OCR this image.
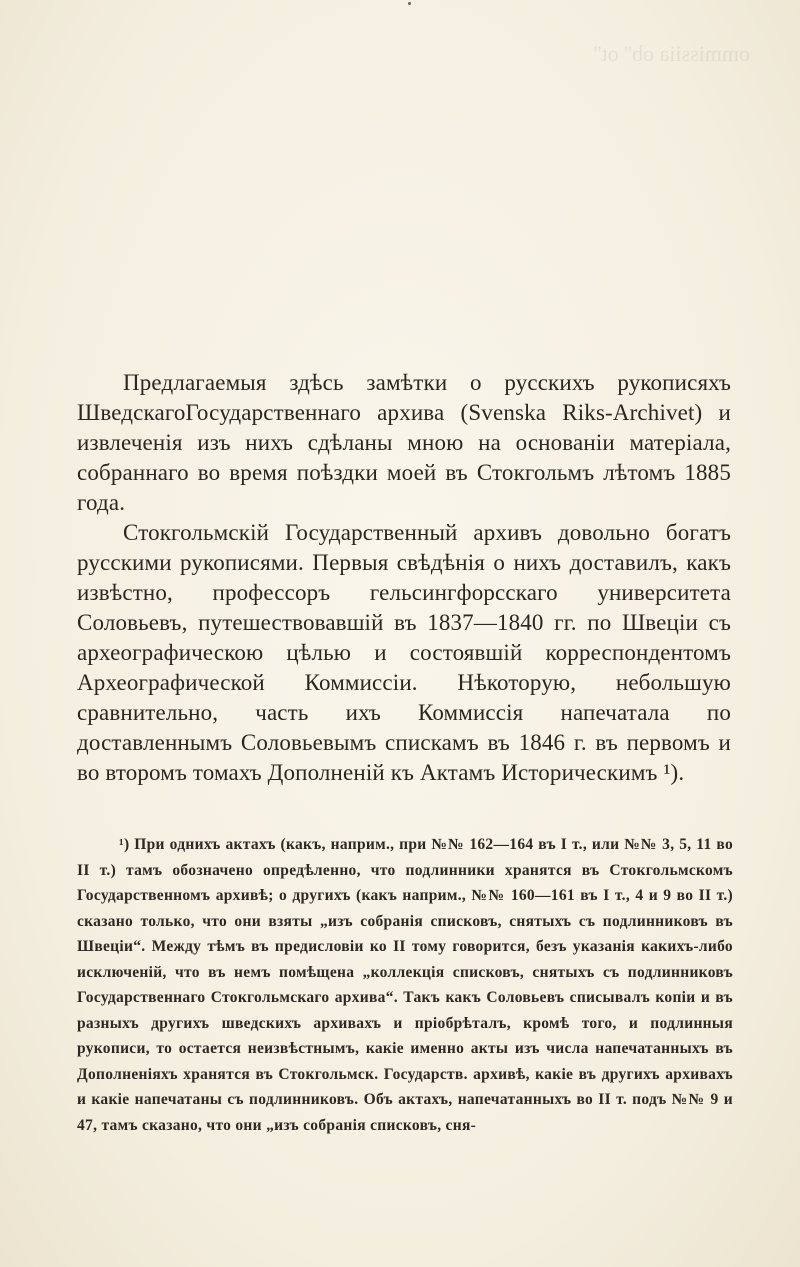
ommissiia ob'' ot''

Предлагаемыя здѣсь замѣтки о русскихъ рукописяхъ ШведскагоГосударственнаго архива (Svenska Riks-Archivet) и извлеченія изъ нихъ сдѣланы мною на основаніи матеріала, собраннаго во время поѣздки моей въ Стокгольмъ лѣтомъ 1885 года.

Стокгольмскій Государственный архивъ довольно богатъ русскими рукописями. Первыя свѣдѣнія о нихъ доставилъ, какъ извѣстно, профессоръ гельсингфорсскаго университета Соловьевъ, путешествовавшій въ 1837—1840 гг. по Швеціи съ археографическою цѣлью и состоявшій корреспондентомъ Археографической Коммиссіи. Нѣкоторую, небольшую сравнительно, часть ихъ Коммиссія напечатала по доставленнымъ Соловьевымъ спискамъ въ 1846 г. въ первомъ и во второмъ томахъ Дополненій къ Актамъ Историческимъ ¹).

¹) При однихъ актахъ (какъ, наприм., при №№ 162—164 въ I т., или №№ 3, 5, 11 во II т.) тамъ обозначено опредѣленно, что подлинники хранятся въ Стокгольмскомъ Государственномъ архивѣ; о другихъ (какъ наприм., №№ 160—161 въ I т., 4 и 9 во II т.) сказано только, что они взяты „изъ собранія списковъ, снятыхъ съ подлинниковъ въ Швеціи“. Между тѣмъ въ предисловіи ко II тому говорится, безъ указанія какихъ-либо исключеній, что въ немъ помѣщена „коллекція списковъ, снятыхъ съ подлинниковъ Государственнаго Стокгольмскаго архива“. Такъ какъ Соловьевъ списывалъ копіи и въ разныхъ другихъ шведскихъ архивахъ и пріобрѣталъ, кромѣ того, и подлинныя рукописи, то остается неизвѣстнымъ, какіе именно акты изъ числа напечатанныхъ въ Дополненіяхъ хранятся въ Стокгольмск. Государств. архивѣ, какіе въ другихъ архивахъ и какіе напечатаны съ подлинниковъ. Объ актахъ, напечатанныхъ во II т. подъ №№ 9 и 47, тамъ сказано, что они „изъ собранія списковъ, сня-
